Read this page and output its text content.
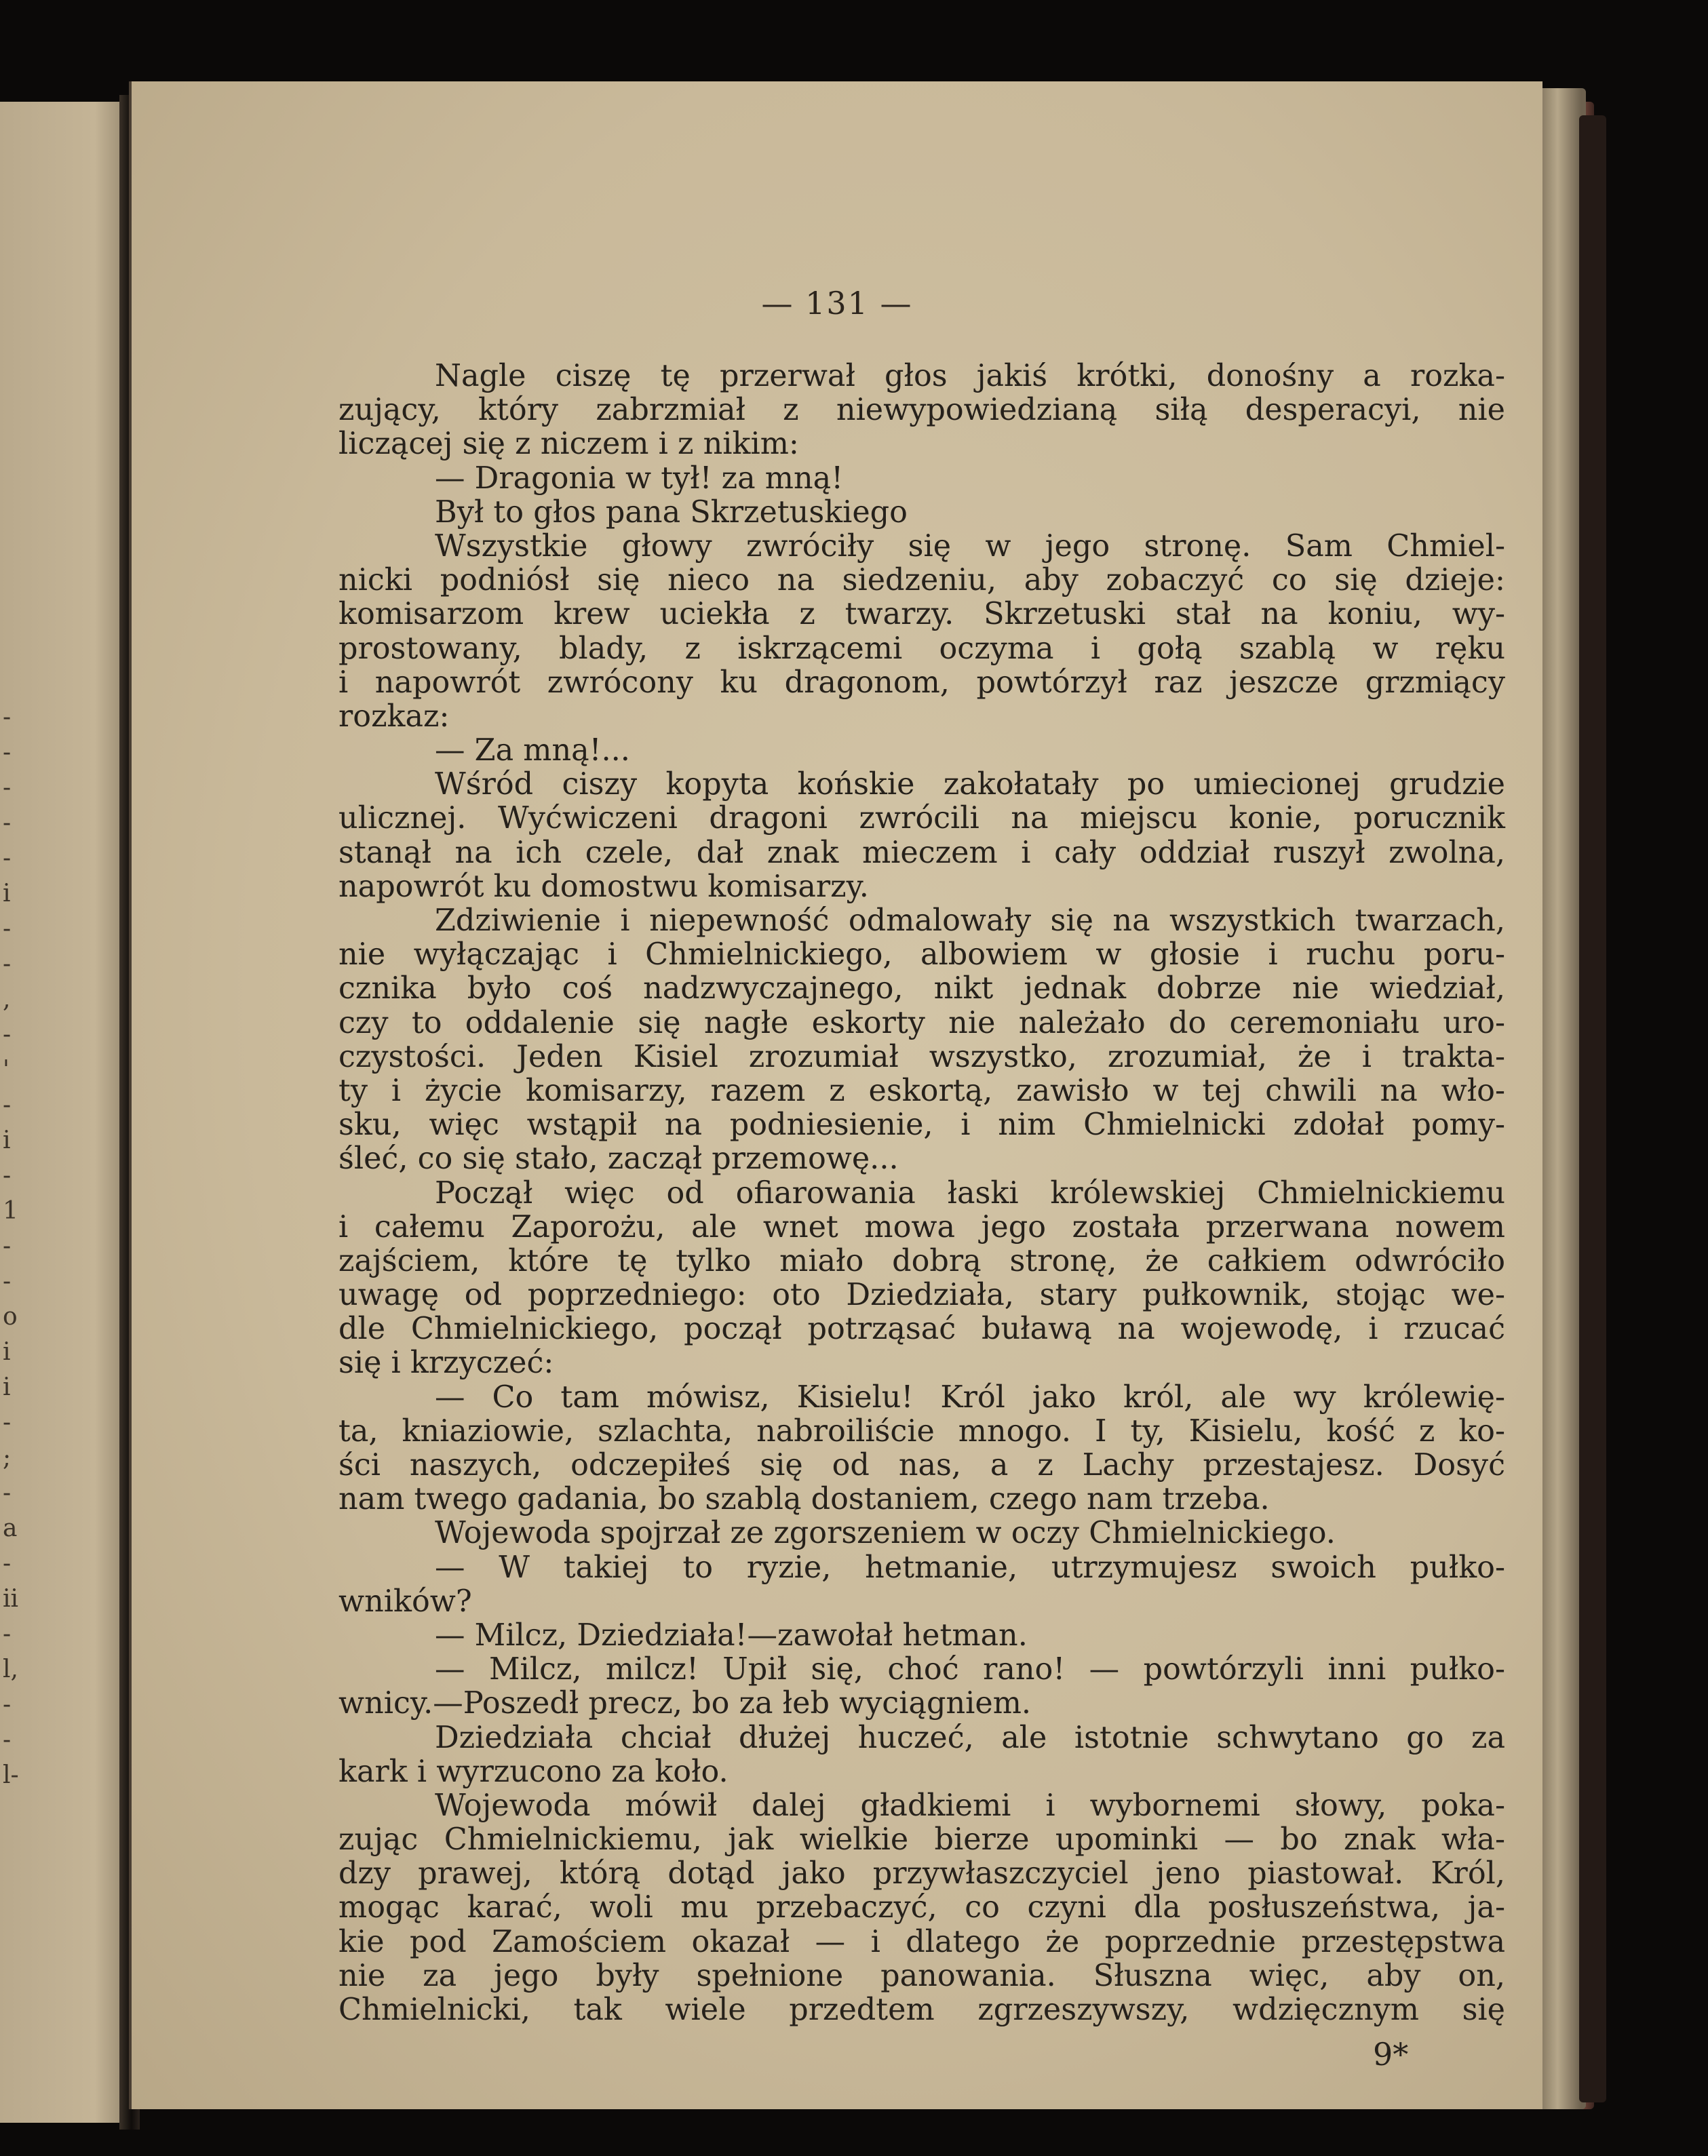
-
-
-
-
-
i
-
-
,
-
'
-
i
-
1
-
-
o
i
i
-
;
-
a
-
ii
-
l,
-
-
l-
— 131 —
Nagle ciszę tę przerwał głos jakiś krótki, donośny a rozka-
zujący, który zabrzmiał z niewypowiedzianą siłą desperacyi, nie
liczącej się z niczem i z nikim:
— Dragonia w tył! za mną!
Był to głos pana Skrzetuskiego
Wszystkie głowy zwróciły się w jego stronę. Sam Chmiel-
nicki podniósł się nieco na siedzeniu, aby zobaczyć co się dzieje:
komisarzom krew uciekła z twarzy. Skrzetuski stał na koniu, wy-
prostowany, blady, z iskrzącemi oczyma i gołą szablą w ręku
i napowrót zwrócony ku dragonom, powtórzył raz jeszcze grzmiący
rozkaz:
— Za mną!...
Wśród ciszy kopyta końskie zakołatały po umiecionej grudzie
ulicznej. Wyćwiczeni dragoni zwrócili na miejscu konie, porucznik
stanął na ich czele, dał znak mieczem i cały oddział ruszył zwolna,
napowrót ku domostwu komisarzy.
Zdziwienie i niepewność odmalowały się na wszystkich twarzach,
nie wyłączając i Chmielnickiego, albowiem w głosie i ruchu poru-
cznika było coś nadzwyczajnego, nikt jednak dobrze nie wiedział,
czy to oddalenie się nagłe eskorty nie należało do ceremoniału uro-
czystości. Jeden Kisiel zrozumiał wszystko, zrozumiał, że i trakta-
ty i życie komisarzy, razem z eskortą, zawisło w tej chwili na wło-
sku, więc wstąpił na podniesienie, i nim Chmielnicki zdołał pomy-
śleć, co się stało, zaczął przemowę...
Począł więc od ofiarowania łaski królewskiej Chmielnickiemu
i całemu Zaporożu, ale wnet mowa jego została przerwana nowem
zajściem, które tę tylko miało dobrą stronę, że całkiem odwróciło
uwagę od poprzedniego: oto Dziedziała, stary pułkownik, stojąc we-
dle Chmielnickiego, począł potrząsać buławą na wojewodę, i rzucać
się i krzyczeć:
— Co tam mówisz, Kisielu! Król jako król, ale wy królewię-
ta, kniaziowie, szlachta, nabroiliście mnogo. I ty, Kisielu, kość z ko-
ści naszych, odczepiłeś się od nas, a z Lachy przestajesz. Dosyć
nam twego gadania, bo szablą dostaniem, czego nam trzeba.
Wojewoda spojrzał ze zgorszeniem w oczy Chmielnickiego.
— W takiej to ryzie, hetmanie, utrzymujesz swoich pułko-
wników?
— Milcz, Dziedziała!—zawołał hetman.
— Milcz, milcz! Upił się, choć rano! — powtórzyli inni pułko-
wnicy.—Poszedł precz, bo za łeb wyciągniem.
Dziedziała chciał dłużej huczeć, ale istotnie schwytano go za
kark i wyrzucono za koło.
Wojewoda mówił dalej gładkiemi i wybornemi słowy, poka-
zując Chmielnickiemu, jak wielkie bierze upominki — bo znak wła-
dzy prawej, którą dotąd jako przywłaszczyciel jeno piastował. Król,
mogąc karać, woli mu przebaczyć, co czyni dla posłuszeństwa, ja-
kie pod Zamościem okazał — i dlatego że poprzednie przestępstwa
nie za jego były spełnione panowania. Słuszna więc, aby on,
Chmielnicki, tak wiele przedtem zgrzeszywszy, wdzięcznym się
9*
